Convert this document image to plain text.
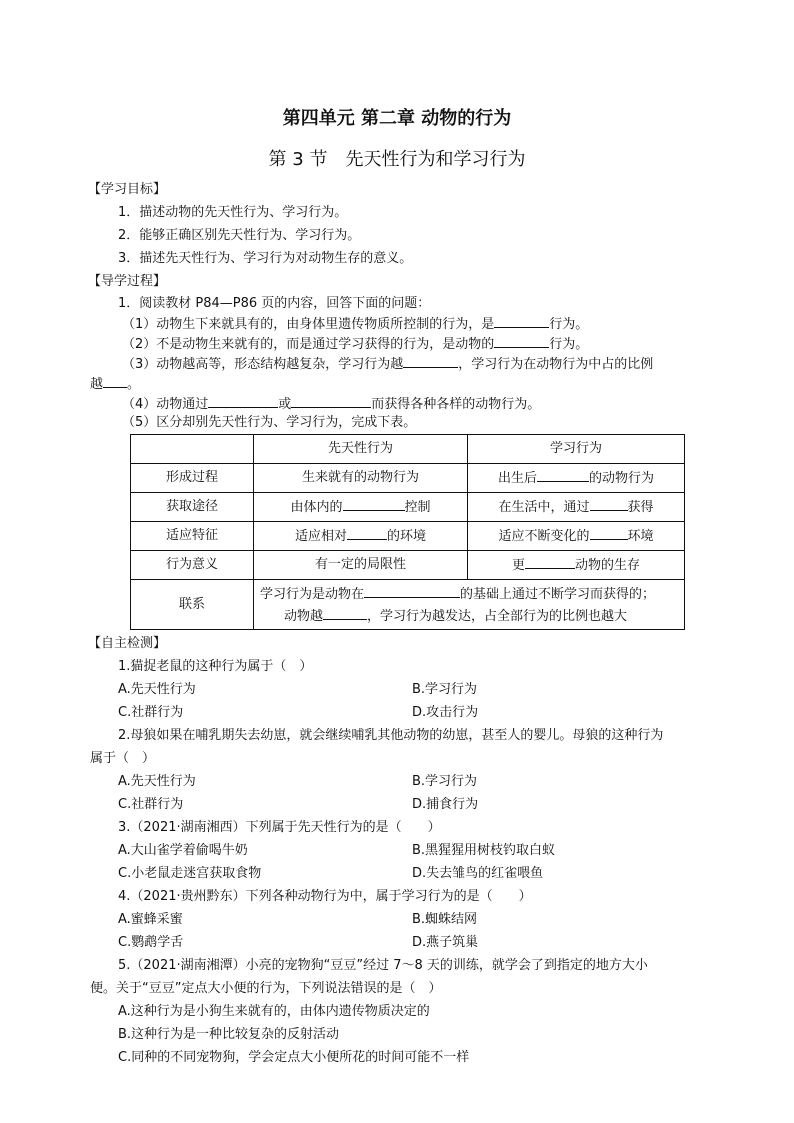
第四单元 第二章 动物的行为
第 3 节　先天性行为和学习行为
【学习目标】
1．描述动物的先天性行为、学习行为。
2．能够正确区别先天性行为、学习行为。
3．描述先天性行为、学习行为对动物生存的意义。
【导学过程】
1．阅读教材 P84—P86 页的内容，回答下面的问题：
（1）动物生下来就具有的，由身体里遗传物质所控制的行为，是	行为。
（2）不是动物生来就有的，而是通过学习获得的行为，是动物的	行为。
（3）动物越高等，形态结构越复杂，学习行为越	，学习行为在动物行为中占的比例
越 。
（4）动物通过	或	而获得各种各样的动物行为。
（5）区分却别先天性行为、学习行为，完成下表。
	先天性行为	学习行为
形成过程	生来就有的动物行为	出生后 的动物行为
获取途径	由体内的 控制	在生活中，通过 获得
适应特征	适应相对 的环境	适应不断变化的 环境
行为意义	有一定的局限性	更 动物的生存
联系	学习行为是动物在 的基础上通过不断学习而获得的；
动物越 ，学习行为越发达，占全部行为的比例也越大	
【自主检测】
1.猫捉老鼠的这种行为属于（　）
A.先天性行为	B.学习行为
C.社群行为	D.攻击行为
2.母狼如果在哺乳期失去幼崽，就会继续哺乳其他动物的幼崽，甚至人的婴儿。母狼的这种行为
属于（　）
A.先天性行为	B.学习行为
C.社群行为	D.捕食行为
3.（2021·湖南湘西）下列属于先天性行为的是（　　）
A.大山雀学着偷喝牛奶	B.黑猩猩用树枝钓取白蚁
C.小老鼠走迷宫获取食物	D.失去雏鸟的红雀喂鱼
4.（2021·贵州黔东）下列各种动物行为中，属于学习行为的是（　　）
A.蜜蜂采蜜	B.蜘蛛结网
C.鹦鹉学舌	D.燕子筑巢
5.（2021·湖南湘潭）小亮的宠物狗“豆豆”经过 7～8 天的训练，就学会了到指定的地方大小
便。关于“豆豆”定点大小便的行为，下列说法错误的是（　）
A.这种行为是小狗生来就有的，由体内遗传物质决定的
B.这种行为是一种比较复杂的反射活动
C.同种的不同宠物狗，学会定点大小便所花的时间可能不一样
